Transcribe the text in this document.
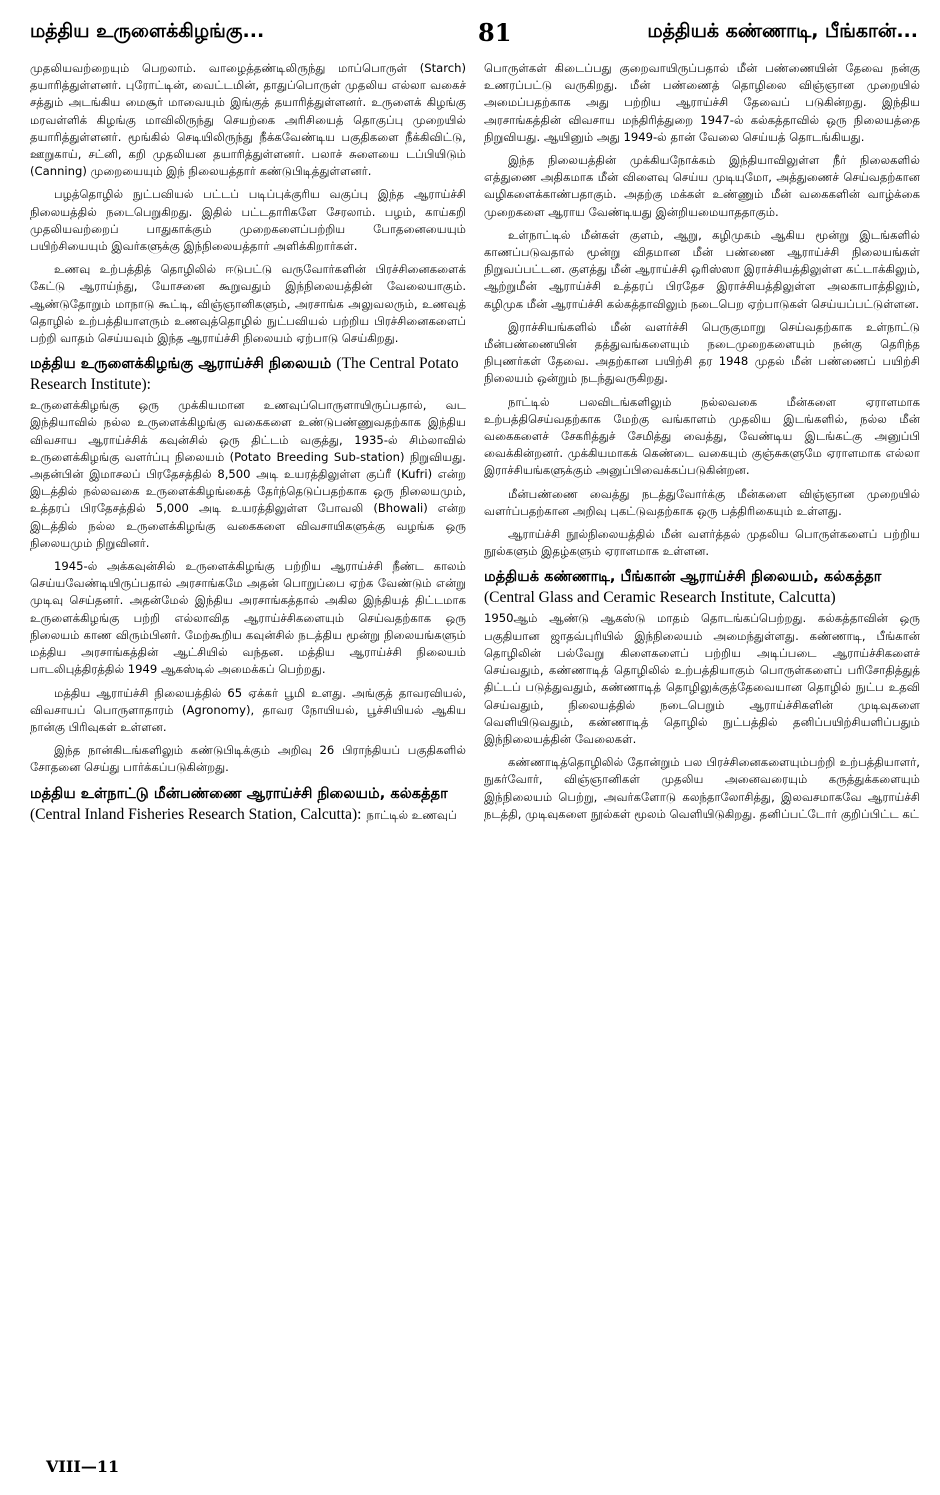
மத்திய உருளைக்கிழங்கு...	81	மத்தியக் கண்ணாடி, பீங்கான்...

முதலியவற்றையும் பெறலாம். வாழைத்தண்டிலிருந்து மாப்பொருள் (Starch) தயாரித்துள்ளனர். புரோட்டின், வைட்டமின், தாதுப்பொருள் முதலிய எல்லா வகைச் சத்தும் அடங்கிய மைசூர் மாவையும் இங்குத் தயாரித்துள்ளனர். உருளைக் கிழங்கு மரவள்ளிக் கிழங்கு மாவிலிருந்து செயற்கை அரிசியைத் தொகுப்பு முறையில் தயாரித்துள்ளனர். மூங்கில் செடியிலிருந்து நீக்கவேண்டிய பகுதிகளை நீக்கிவிட்டு, ஊறுகாய், சட்னி, கறி முதலியன தயாரித்துள்ளனர். பலாச் சுளையை டப்பியிடும் (Canning) முறையையும் இந் நிலையத்தார் கண்டுபிடித்துள்ளனர்.

பழத்தொழில் நுட்பவியல் பட்டப் படிப்புக்குரிய வகுப்பு இந்த ஆராய்ச்சி நிலையத்தில் நடைபெறுகிறது. இதில் பட்டதாரிகளே சேரலாம். பழம், காய்கறி முதலியவற்றைப் பாதுகாக்கும் முறைகளைப்பற்றிய போதனையையும் பயிற்சியையும் இவர்களுக்கு இந்நிலையத்தார் அளிக்கிறார்கள்.

உணவு உற்பத்தித் தொழிலில் ஈடுபட்டு வருவோர்களின் பிரச்சினைகளைக் கேட்டு ஆராய்ந்து, யோசனை கூறுவதும் இந்நிலையத்தின் வேலையாகும். ஆண்டுதோறும் மாநாடு கூட்டி, விஞ்ஞானிகளும், அரசாங்க அலுவலரும், உணவுத் தொழில் உற்பத்தியாளரும் உணவுத்தொழில் நுட்பவியல் பற்றிய பிரச்சினைகளைப் பற்றி வாதம் செய்யவும் இந்த ஆராய்ச்சி நிலையம் ஏற்பாடு செய்கிறது.

மத்திய உருளைக்கிழங்கு ஆராய்ச்சி நிலையம் (The Central Potato Research Institute):

உருளைக்கிழங்கு ஒரு முக்கியமான உணவுப்பொருளாயிருப்பதால், வட இந்தியாவில் நல்ல உருளைக்கிழங்கு வகைகளை உண்டுபண்ணுவதற்காக இந்திய விவசாய ஆராய்ச்சிக் கவுன்சில் ஒரு திட்டம் வகுத்து, 1935-ல் சிம்லாவில் உருளைக்கிழங்கு வளர்ப்பு நிலையம் (Potato Breeding Sub-station) நிறுவியது. அதன்பின் இமாசலப் பிரதேசத்தில் 8,500 அடி உயரத்திலுள்ள குப்ரீ (Kufri) என்ற இடத்தில் நல்லவகை உருளைக்கிழங்கைத் தேர்ந்தெடுப்பதற்காக ஒரு நிலையமும், உத்தரப் பிரதேசத்தில் 5,000 அடி உயரத்திலுள்ள போவலி (Bhowali) என்ற இடத்தில் நல்ல உருளைக்கிழங்கு வகைகளை விவசாயிகளுக்கு வழங்க ஒரு நிலையமும் நிறுவினர்.

1945-ல் அக்கவுன்சில் உருளைக்கிழங்கு பற்றிய ஆராய்ச்சி நீண்ட காலம் செய்யவேண்டியிருப்பதால் அரசாங்கமே அதன் பொறுப்பை ஏற்க வேண்டும் என்று முடிவு செய்தனர். அதன்மேல் இந்திய அரசாங்கத்தால் அகில இந்தியத் திட்டமாக உருளைக்கிழங்கு பற்றி எல்லாவித ஆராய்ச்சிகளையும் செய்வதற்காக ஒரு நிலையம் காண விரும்பினர். மேற்கூறிய கவுன்சில் நடத்திய மூன்று நிலையங்களும் மத்திய அரசாங்கத்தின் ஆட்சியில் வந்தன. மத்திய ஆராய்ச்சி நிலையம் பாடலிபுத்திரத்தில் 1949 ஆகஸ்டில் அமைக்கப் பெற்றது.

மத்திய ஆராய்ச்சி நிலையத்தில் 65 ஏக்கர் பூமி உளது. அங்குத் தாவரவியல், விவசாயப் பொருளாதாரம் (Agronomy), தாவர நோயியல், பூச்சியியல் ஆகிய நான்கு பிரிவுகள் உள்ளன.

இந்த நான்கிடங்களிலும் கண்டுபிடிக்கும் அறிவு 26 பிராந்தியப் பகுதிகளில் சோதனை செய்து பார்க்கப்படுகின்றது.

மத்திய உள்நாட்டு மீன்பண்ணை ஆராய்ச்சி நிலையம், கல்கத்தா (Central Inland Fisheries Research Station, Calcutta): நாட்டில் உணவுப்

பொருள்கள் கிடைப்பது குறைவாயிருப்பதால் மீன் பண்ணையின் தேவை நன்கு உணரப்பட்டு வருகிறது. மீன் பண்ணைத் தொழிலை விஞ்ஞான முறையில் அமைப்பதற்காக அது பற்றிய ஆராய்ச்சி தேவைப் படுகின்றது. இந்திய அரசாங்கத்தின் விவசாய மந்திரித்துறை 1947-ல் கல்கத்தாவில் ஒரு நிலையத்தை நிறுவியது. ஆயினும் அது 1949-ல் தான் வேலை செய்யத் தொடங்கியது.

இந்த நிலையத்தின் முக்கியநோக்கம் இந்தியாவிலுள்ள நீர் நிலைகளில் எத்துணை அதிகமாக மீன் விளைவு செய்ய முடியுமோ, அத்துணைச் செய்வதற்கான வழிகளைக்காண்பதாகும். அதற்கு மக்கள் உண்ணும் மீன் வகைகளின் வாழ்க்கை முறைகளை ஆராய வேண்டியது இன்றியமையாததாகும்.

உள்நாட்டில் மீன்கள் குளம், ஆறு, கழிமுகம் ஆகிய மூன்று இடங்களில் காணப்படுவதால் மூன்று விதமான மீன் பண்ணை ஆராய்ச்சி நிலையங்கள் நிறுவப்பட்டன. குளத்து மீன் ஆராய்ச்சி ஒரிஸ்ஸா இராச்சியத்திலுள்ள கட்டாக்கிலும், ஆற்றுமீன் ஆராய்ச்சி உத்தரப் பிரதேச இராச்சியத்திலுள்ள அலகாபாத்திலும், கழிமுக மீன் ஆராய்ச்சி கல்கத்தாவிலும் நடைபெற ஏற்பாடுகள் செய்யப்பட்டுள்ளன.

இராச்சியங்களில் மீன் வளர்ச்சி பெருகுமாறு செய்வதற்காக உள்நாட்டு மீன்பண்ணையின் தத்துவங்களையும் நடைமுறைகளையும் நன்கு தெரிந்த நிபுணர்கள் தேவை. அதற்கான பயிற்சி தர 1948 முதல் மீன் பண்ணைப் பயிற்சி நிலையம் ஒன்றும் நடந்துவருகிறது.

நாட்டில் பலவிடங்களிலும் நல்லவகை மீன்களை ஏராளமாக உற்பத்திசெய்வதற்காக மேற்கு வங்காளம் முதலிய இடங்களில், நல்ல மீன் வகைகளைச் சேகரித்துச் சேமித்து வைத்து, வேண்டிய இடங்கட்கு அனுப்பி வைக்கின்றனர். முக்கியமாகக் கெண்டை வகையும் குஞ்சுகளுமே ஏராளமாக எல்லா இராச்சியங்களுக்கும் அனுப்பிவைக்கப்படுகின்றன.

மீன்பண்ணை வைத்து நடத்துவோர்க்கு மீன்களை விஞ்ஞான முறையில் வளர்ப்பதற்கான அறிவு புகட்டுவதற்காக ஒரு பத்திரிகையும் உள்ளது.

ஆராய்ச்சி நூல்நிலையத்தில் மீன் வளர்த்தல் முதலிய பொருள்களைப் பற்றிய நூல்களும் இதழ்களும் ஏராளமாக உள்ளன.

மத்தியக் கண்ணாடி, பீங்கான் ஆராய்ச்சி நிலையம், கல்கத்தா (Central Glass and Ceramic Research Institute, Calcutta)

1950ஆம் ஆண்டு ஆகஸ்டு மாதம் தொடங்கப்பெற்றது. கல்கத்தாவின் ஒரு பகுதியான ஜாதவ்புரியில் இந்நிலையம் அமைந்துள்ளது. கண்ணாடி, பீங்கான் தொழிலின் பல்வேறு கிளைகளைப் பற்றிய அடிப்படை ஆராய்ச்சிகளைச் செய்வதும், கண்ணாடித் தொழிலில் உற்பத்தியாகும் பொருள்களைப் பரிசோதித்துத் திட்டப் படுத்துவதும், கண்ணாடித் தொழிலுக்குத்தேவையான தொழில் நுட்ப உதவி செய்வதும், நிலையத்தில் நடைபெறும் ஆராய்ச்சிகளின் முடிவுகளை வெளியிடுவதும், கண்ணாடித் தொழில் நுட்பத்தில் தனிப்பயிற்சியளிப்பதும் இந்நிலையத்தின் வேலைகள்.

கண்ணாடித்தொழிலில் தோன்றும் பல பிரச்சினைகளையும்பற்றி உற்பத்தியாளர், நுகர்வோர், விஞ்ஞானிகள் முதலிய அனைவரையும் கருத்துக்களையும் இந்நிலையம் பெற்று, அவர்களோடு கலந்தாலோசித்து, இலவசமாகவே ஆராய்ச்சி நடத்தி, முடிவுகளை நூல்கள் மூலம் வெளியிடுகிறது. தனிப்பட்டோர் குறிப்பிட்ட கட்

VIII—11
